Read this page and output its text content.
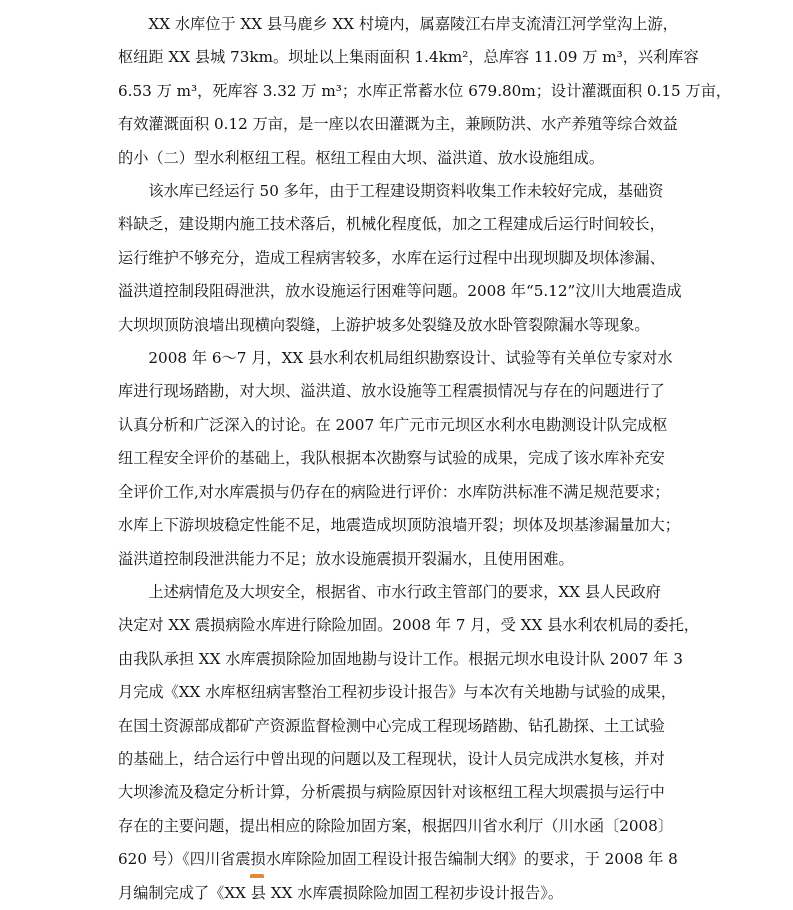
XX 水库位于 XX 县马鹿乡 XX 村境内，属嘉陵江右岸支流清江河学堂沟上游，
枢纽距 XX 县城 73km。坝址以上集雨面积 1.4km²，总库容 11.09 万 m³，兴利库容
6.53 万 m³，死库容 3.32 万 m³；水库正常蓄水位 679.80m；设计灌溉面积 0.15 万亩，
有效灌溉面积 0.12 万亩，是一座以农田灌溉为主，兼顾防洪、水产养殖等综合效益
的小（二）型水利枢纽工程。枢纽工程由大坝、溢洪道、放水设施组成。
该水库已经运行 50 多年，由于工程建设期资料收集工作未较好完成，基础资
料缺乏，建设期内施工技术落后，机械化程度低，加之工程建成后运行时间较长，
运行维护不够充分，造成工程病害较多，水库在运行过程中出现坝脚及坝体渗漏、
溢洪道控制段阻碍泄洪，放水设施运行困难等问题。2008 年“5.12”汶川大地震造成
大坝坝顶防浪墙出现横向裂缝，上游护坡多处裂缝及放水卧管裂隙漏水等现象。
2008 年 6～7 月，XX 县水利农机局组织勘察设计、试验等有关单位专家对水
库进行现场踏勘，对大坝、溢洪道、放水设施等工程震损情况与存在的问题进行了
认真分析和广泛深入的讨论。在 2007 年广元市元坝区水利水电勘测设计队完成枢
纽工程安全评价的基础上，我队根据本次勘察与试验的成果，完成了该水库补充安
全评价工作,对水库震损与仍存在的病险进行评价：水库防洪标准不满足规范要求；
水库上下游坝坡稳定性能不足，地震造成坝顶防浪墙开裂；坝体及坝基渗漏量加大；
溢洪道控制段泄洪能力不足；放水设施震损开裂漏水，且使用困难。
上述病情危及大坝安全，根据省、市水行政主管部门的要求，XX 县人民政府
决定对 XX 震损病险水库进行除险加固。2008 年 7 月，受 XX 县水利农机局的委托，
由我队承担 XX 水库震损除险加固地勘与设计工作。根据元坝水电设计队 2007 年 3
月完成《XX 水库枢纽病害整治工程初步设计报告》与本次有关地勘与试验的成果，
在国土资源部成都矿产资源监督检测中心完成工程现场踏勘、钻孔勘探、土工试验
的基础上，结合运行中曾出现的问题以及工程现状，设计人员完成洪水复核，并对
大坝渗流及稳定分析计算，分析震损与病险原因针对该枢纽工程大坝震损与运行中
存在的主要问题，提出相应的除险加固方案，根据四川省水利厅（川水函〔2008〕
620 号）《四川省震损水库除险加固工程设计报告编制大纲》的要求，于 2008 年 8
月编制完成了《XX 县 XX 水库震损除险加固工程初步设计报告》。
